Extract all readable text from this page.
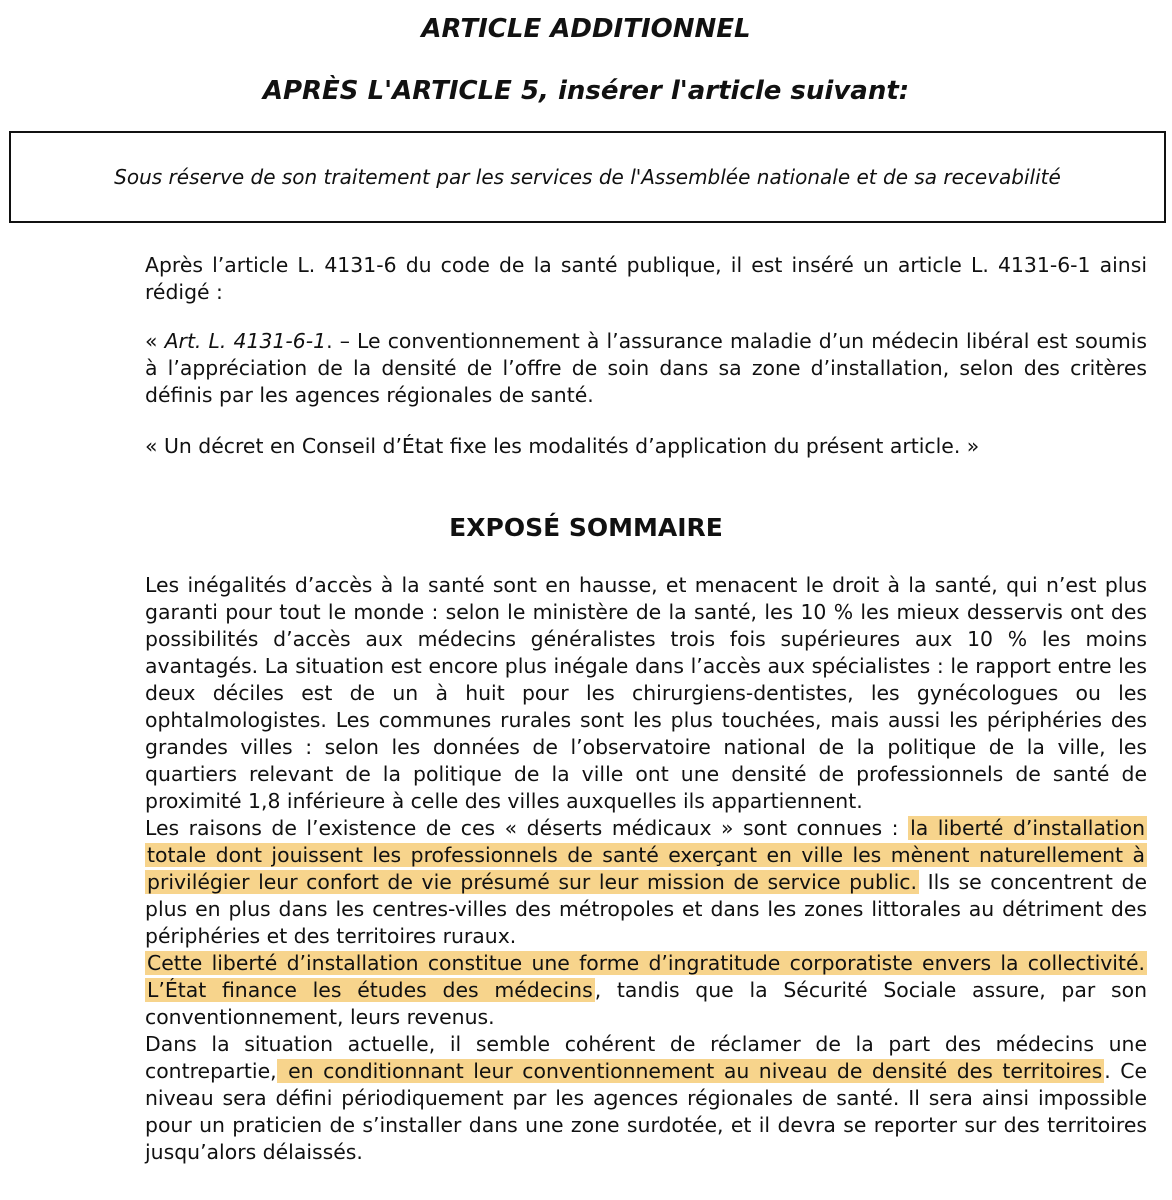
ARTICLE ADDITIONNEL
APRÈS L'ARTICLE 5, insérer l'article suivant:
Sous réserve de son traitement par les services de l'Assemblée nationale et de sa recevabilité

Après l’article L. 4131-6 du code de la santé publique, il est inséré un article L. 4131-6-1 ainsi rédigé :

« Art. L. 4131-6-1. – Le conventionnement à l’assurance maladie d’un médecin libéral est soumis à l’appréciation de la densité de l’offre de soin dans sa zone d’installation, selon des critères définis par les agences régionales de santé.

« Un décret en Conseil d’État fixe les modalités d’application du présent article. »

EXPOSÉ SOMMAIRE

Les inégalités d’accès à la santé sont en hausse, et menacent le droit à la santé, qui n’est plus garanti pour tout le monde : selon le ministère de la santé, les 10 % les mieux desservis ont des possibilités d’accès aux médecins généralistes trois fois supérieures aux 10 % les moins avantagés. La situation est encore plus inégale dans l’accès aux spécialistes : le rapport entre les deux déciles est de un à huit pour les chirurgiens-dentistes, les gynécologues ou les ophtalmologistes. Les communes rurales sont les plus touchées, mais aussi les périphéries des grandes villes : selon les données de l’observatoire national de la politique de la ville, les quartiers relevant de la politique de la ville ont une densité de professionnels de santé de proximité 1,8 inférieure à celle des villes auxquelles ils appartiennent.

Les raisons de l’existence de ces « déserts médicaux » sont connues : la liberté d’installation totale dont jouissent les professionnels de santé exerçant en ville les mènent naturellement à privilégier leur confort de vie présumé sur leur mission de service public. Ils se concentrent de plus en plus dans les centres-villes des métropoles et dans les zones littorales au détriment des périphéries et des territoires ruraux.

Cette liberté d’installation constitue une forme d’ingratitude corporatiste envers la collectivité. L’État finance les études des médecins, tandis que la Sécurité Sociale assure, par son conventionnement, leurs revenus.

Dans la situation actuelle, il semble cohérent de réclamer de la part des médecins une contrepartie, en conditionnant leur conventionnement au niveau de densité des territoires. Ce niveau sera défini périodiquement par les agences régionales de santé. Il sera ainsi impossible pour un praticien de s’installer dans une zone surdotée, et il devra se reporter sur des territoires jusqu’alors délaissés.
